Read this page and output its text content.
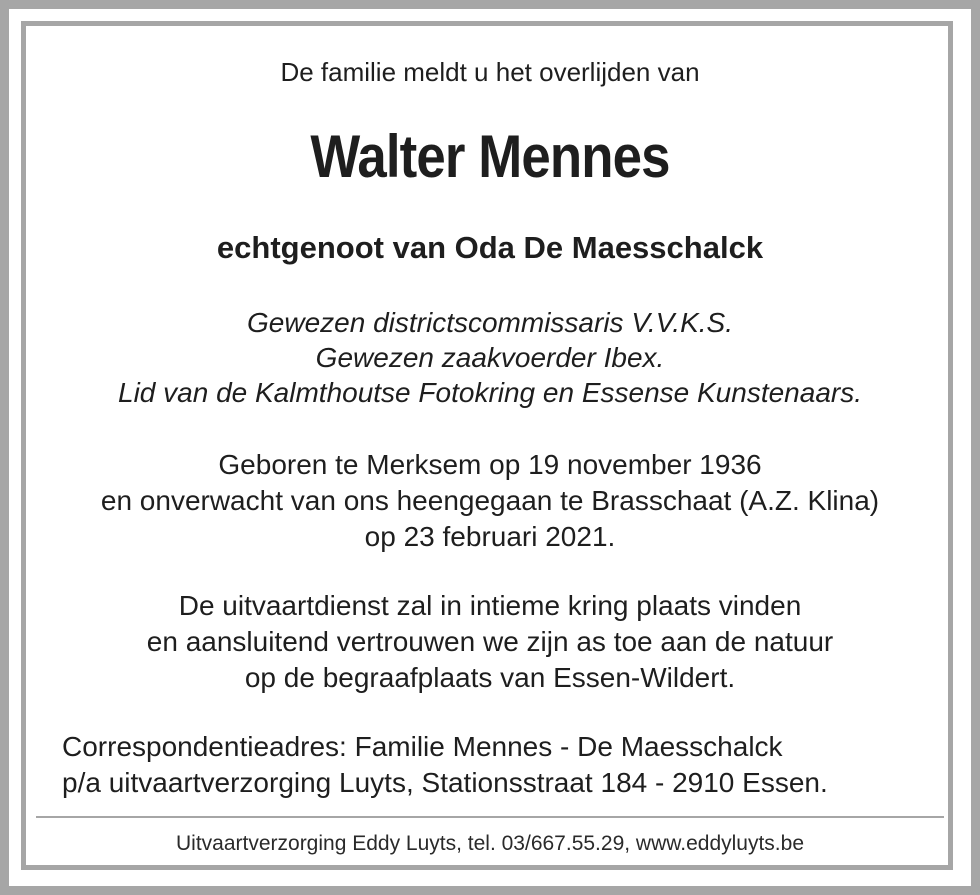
De familie meldt u het overlijden van

Walter Mennes

echtgenoot van Oda De Maesschalck

Gewezen districtscommissaris V.V.K.S.
Gewezen zaakvoerder Ibex.
Lid van de Kalmthoutse Fotokring en Essense Kunstenaars.
Geboren te Merksem op 19 november 1936
en onverwacht van ons heengegaan te Brasschaat (A.Z. Klina)
op 23 februari 2021.
De uitvaartdienst zal in intieme kring plaats vinden
en aansluitend vertrouwen we zijn as toe aan de natuur
op de begraafplaats van Essen-Wildert.
Correspondentieadres: Familie Mennes - De Maesschalck
p/a uitvaartverzorging Luyts, Stationsstraat 184 - 2910 Essen.

Uitvaartverzorging Eddy Luyts, tel. 03/667.55.29, www.eddyluyts.be
